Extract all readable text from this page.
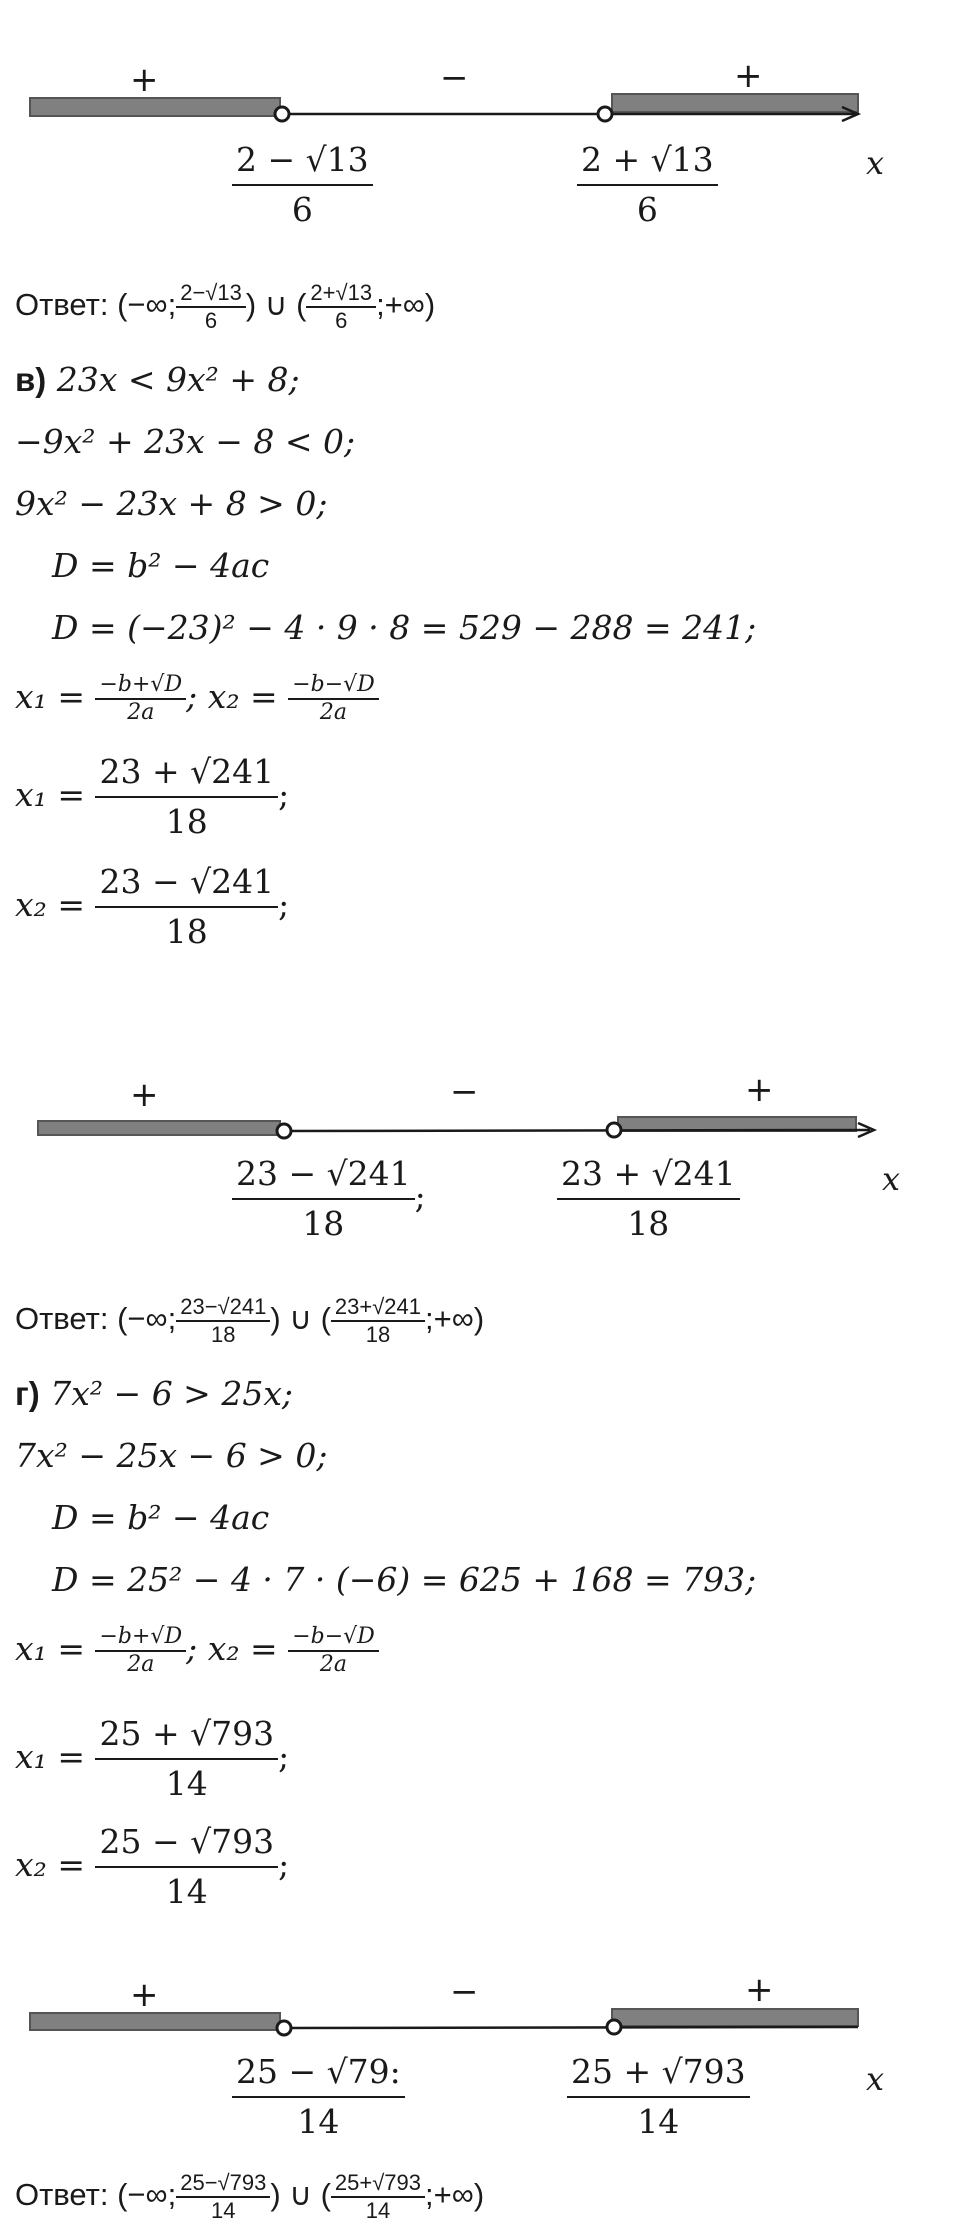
+	−	+
$\frac{2 - √13}{6}$	$\frac{2 + √13}{6}$	x
Ответ: (−∞; $\frac{2-√13}{6}$ ) ∪ ( $\frac{2+√13}{6}$ ;+∞)
в) 23x < 9x² + 8;
−9x² + 23x − 8 < 0;
9x² − 23x + 8 > 0;
D = b² − 4ac
D = (−23)² − 4 · 9 · 8 = 529 − 288 = 241;
$x_1 = \frac{-b+√D}{2a}$ ; $x_2 = \frac{-b-√D}{2a}$
$x_1 = \frac{23 + √241}{18}$ ;
$x_2 = \frac{23 - √241}{18}$ ;
+	−	+
$\frac{23 - √241}{18}$ ;	$\frac{23 + √241}{18}$	x
Ответ: (−∞; $\frac{23-√241}{18}$ ) ∪ ( $\frac{23+√241}{18}$ ;+∞)
г) 7x² − 6 > 25x;
7x² − 25x − 6 > 0;
D = b² − 4ac
D = 25² − 4 · 7 · (−6) = 625 + 168 = 793;
$x_1 = \frac{-b+√D}{2a}$ ; $x_2 = \frac{-b-√D}{2a}$
$x_1 = \frac{25 + √793}{14}$ ;
$x_2 = \frac{25 - √793}{14}$ ;
+	−	+
$\frac{25 - √79:}{14}$	$\frac{25 + √793}{14}$	x
Ответ: (−∞; $\frac{25-√793}{14}$ ) ∪ ( $\frac{25+√793}{14}$ ;+∞)
